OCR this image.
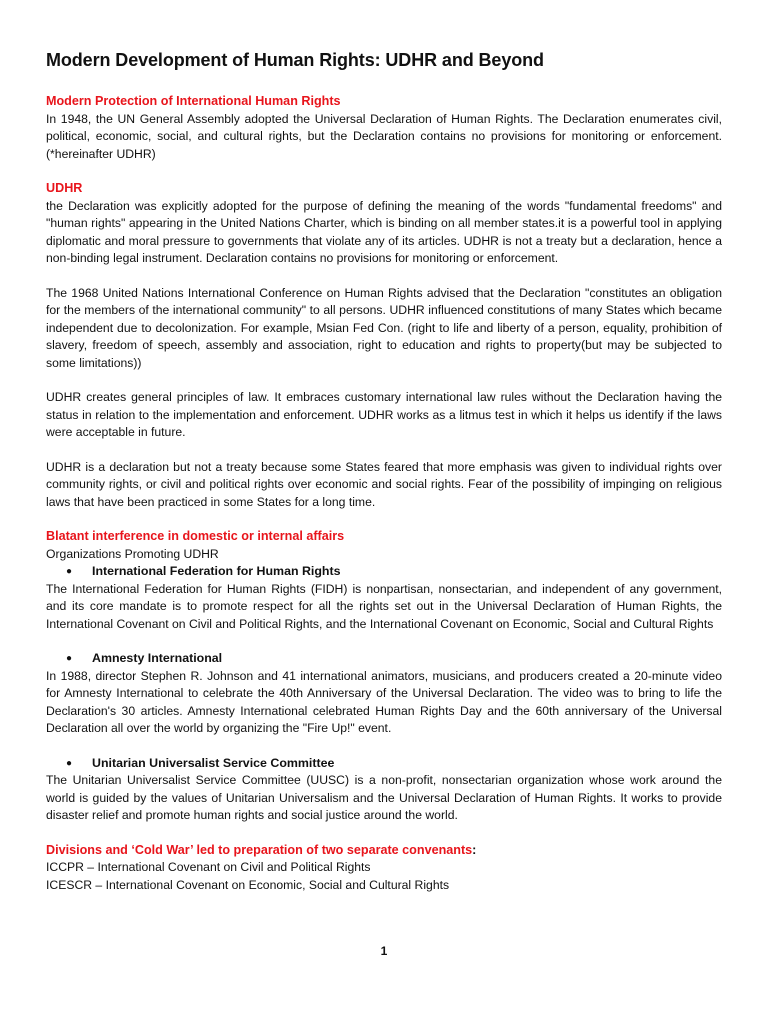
Modern Development of Human Rights: UDHR and Beyond
Modern Protection of International Human Rights

In 1948, the UN General Assembly adopted the Universal Declaration of Human Rights. The Declaration enumerates civil, political, economic, social, and cultural rights, but the Declaration contains no provisions for monitoring or enforcement. (*hereinafter UDHR)

UDHR

the Declaration was explicitly adopted for the purpose of defining the meaning of the words "fundamental freedoms" and "human rights" appearing in the United Nations Charter, which is binding on all member states.it is a powerful tool in applying diplomatic and moral pressure to governments that violate any of its articles. UDHR is not a treaty but a declaration, hence a non-binding legal instrument. Declaration contains no provisions for monitoring or enforcement.

The 1968 United Nations International Conference on Human Rights advised that the Declaration "constitutes an obligation for the members of the international community" to all persons. UDHR influenced constitutions of many States which became independent due to decolonization. For example, Msian Fed Con. (right to life and liberty of a person, equality, prohibition of slavery, freedom of speech, assembly and association, right to education and rights to property(but may be subjected to some limitations))

UDHR creates general principles of law. It embraces customary international law rules without the Declaration having the status in relation to the implementation and enforcement. UDHR works as a litmus test in which it helps us identify if the laws were acceptable in future.

UDHR is a declaration but not a treaty because some States feared that more emphasis was given to individual rights over community rights, or civil and political rights over economic and social rights. Fear of the possibility of impinging on religious laws that have been practiced in some States for a long time.

Blatant interference in domestic or internal affairs
Organizations Promoting UDHR
●	International Federation for Human Rights

The International Federation for Human Rights (FIDH) is nonpartisan, nonsectarian, and independent of any government, and its core mandate is to promote respect for all the rights set out in the Universal Declaration of Human Rights, the International Covenant on Civil and Political Rights, and the International Covenant on Economic, Social and Cultural Rights

●	Amnesty International

In 1988, director Stephen R. Johnson and 41 international animators, musicians, and producers created a 20-minute video for Amnesty International to celebrate the 40th Anniversary of the Universal Declaration. The video was to bring to life the Declaration's 30 articles. Amnesty International celebrated Human Rights Day and the 60th anniversary of the Universal Declaration all over the world by organizing the "Fire Up!" event.

●	Unitarian Universalist Service Committee

The Unitarian Universalist Service Committee (UUSC) is a non-profit, nonsectarian organization whose work around the world is guided by the values of Unitarian Universalism and the Universal Declaration of Human Rights. It works to provide disaster relief and promote human rights and social justice around the world.

Divisions and ‘Cold War’ led to preparation of two separate convenants:
ICCPR – International Covenant on Civil and Political Rights
ICESCR – International Covenant on Economic, Social and Cultural Rights
1
